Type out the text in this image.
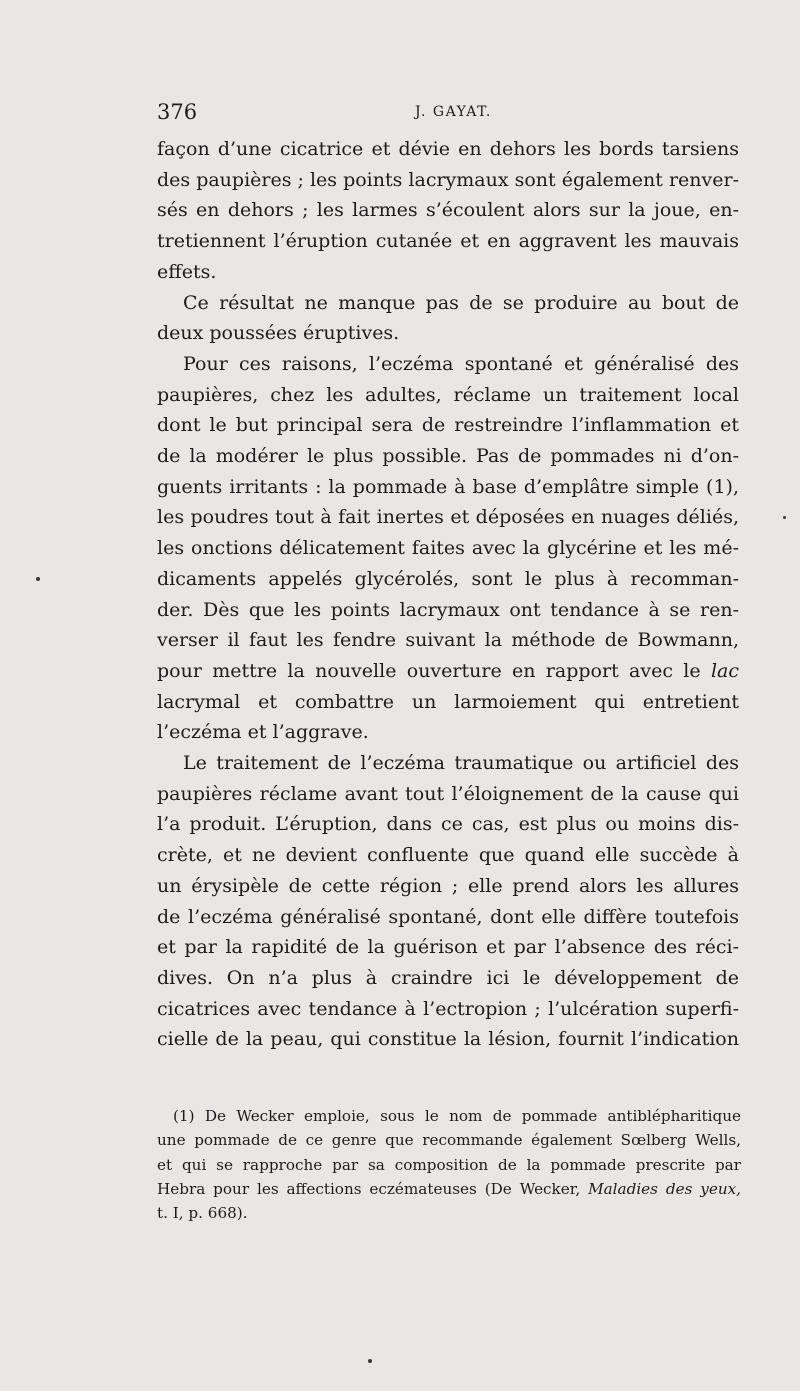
376	J. GAYAT.
façon d’une cicatrice et dévie en dehors les bords tarsiens
des paupières ; les points lacrymaux sont également renver-
sés en dehors ; les larmes s’écoulent alors sur la joue, en-
tretiennent l’éruption cutanée et en aggravent les mauvais
effets.
Ce résultat ne manque pas de se produire au bout de
deux poussées éruptives.
Pour ces raisons, l’eczéma spontané et généralisé des
paupières, chez les adultes, réclame un traitement local
dont le but principal sera de restreindre l’inflammation et
de la modérer le plus possible. Pas de pommades ni d’on-
guents irritants : la pommade à base d’emplâtre simple (1),
les poudres tout à fait inertes et déposées en nuages déliés,
les onctions délicatement faites avec la glycérine et les mé-
dicaments appelés glycérolés, sont le plus à recomman-
der. Dès que les points lacrymaux ont tendance à se ren-
verser il faut les fendre suivant la méthode de Bowmann,
pour mettre la nouvelle ouverture en rapport avec le lac
lacrymal et combattre un larmoiement qui entretient
l’eczéma et l’aggrave.
Le traitement de l’eczéma traumatique ou artificiel des
paupières réclame avant tout l’éloignement de la cause qui
l’a produit. L’éruption, dans ce cas, est plus ou moins dis-
crète, et ne devient confluente que quand elle succède à
un érysipèle de cette région ; elle prend alors les allures
de l’eczéma généralisé spontané, dont elle diffère toutefois
et par la rapidité de la guérison et par l’absence des réci-
dives. On n’a plus à craindre ici le développement de
cicatrices avec tendance à l’ectropion ; l’ulcération superfi-
cielle de la peau, qui constitue la lésion, fournit l’indication
(1) De Wecker emploie, sous le nom de pommade antiblépharitique
une pommade de ce genre que recommande également Sœlberg Wells,
et qui se rapproche par sa composition de la pommade prescrite par
Hebra pour les affections eczémateuses (De Wecker, Maladies des yeux,
t. I, p. 668).
